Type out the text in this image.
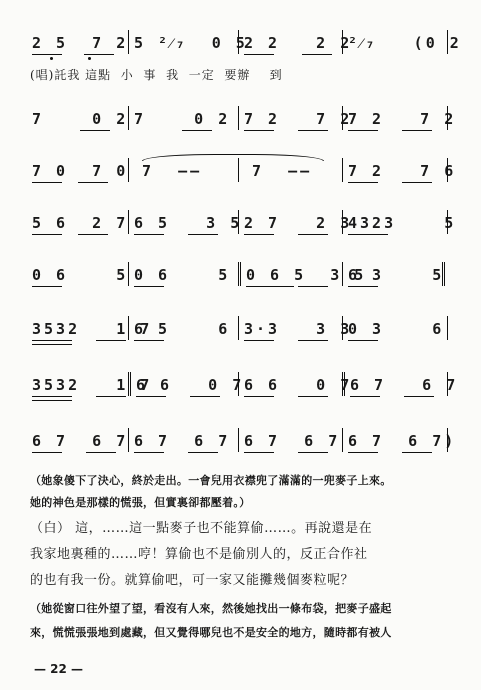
2 5  7 2 5 ²⁄₇  0 5
2 2   2 2
²⁄₇   (0 2
(唱)託我 這點  小  事  我  一定  要辦    到
7    0 2 7    0 2 7 2   7 2
7 2   7 2
7 0  7 0 7  ——	7  —— 7 2   7 6
5 6  2 7 6 5   3 5 2 7   2 3
4323    5
0 6    5 0 6    5 0 6 5  3 5
6 3    5
3532   1 7
6 5    6 3·3   3 3
0 3    6
3532   1 7
6 6   0 7 6 6   0 7
6 7   6 7
6 7  6 7 6 7  6 7 6 7  6 7 6 7  6 7)
（她象傻下了決心，終於走出。一會兒用衣襟兜了滿滿的一兜麥子上來。
她的神色是那樣的慌張，但實裏卻都壓着。）
（白） 這，……這一點麥子也不能算偷……。再說還是在
我家地裏種的……哼！算偷也不是偷別人的，反正合作社
的也有我一份。就算偷吧，可一家又能攤幾個麥粒呢？
（她從窗口往外望了望，看沒有人來，然後她找出一條布袋，把麥子盛起
來，慌慌張張地到處藏，但又覺得哪兒也不是安全的地方，隨時都有被人
— 22 —
